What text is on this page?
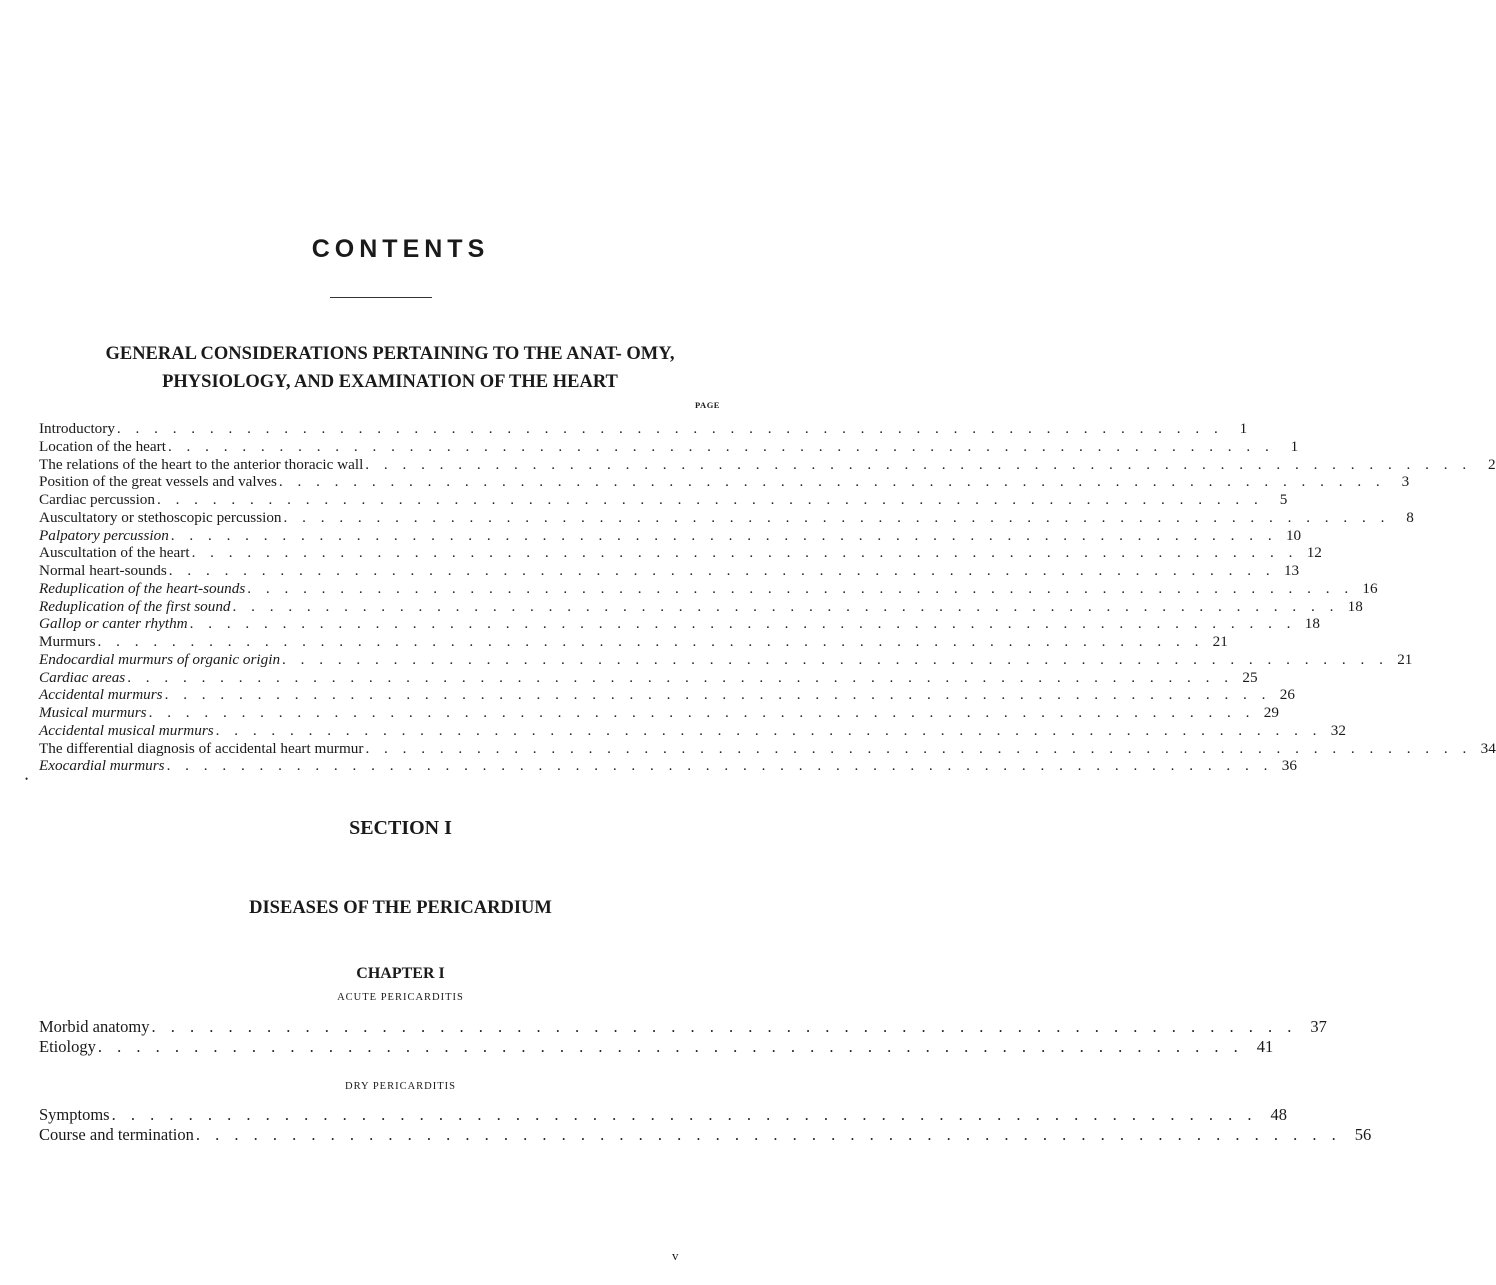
CONTENTS
GENERAL CONSIDERATIONS PERTAINING TO THE ANAT- OMY, PHYSIOLOGY, AND EXAMINATION OF THE HEART
PAGE
Introductory . . . . . . . . . . . . . . . . . . . . . . . . . . . . . . . . . . . . . . . . . . . . . . . . . . . . . . . . . . . .	1
Location of the heart . . . . . . . . . . . . . . . . . . . . . . . . . . . . . . . . . . . . . . . . . . . . . . . . . . . . . . . . . . . .	1
The relations of the heart to the anterior thoracic wall . . . . . . . . . . . . . . . . . . . . . . . . . . . . . . . . . . . . . . . . . . . . . . . . . . . . . . . . . . . .	2
Position of the great vessels and valves . . . . . . . . . . . . . . . . . . . . . . . . . . . . . . . . . . . . . . . . . . . . . . . . . . . . . . . . . . . .	3
Cardiac percussion . . . . . . . . . . . . . . . . . . . . . . . . . . . . . . . . . . . . . . . . . . . . . . . . . . . . . . . . . . . .	5
Auscultatory or stethoscopic percussion . . . . . . . . . . . . . . . . . . . . . . . . . . . . . . . . . . . . . . . . . . . . . . . . . . . . . . . . . . . .	8
Palpatory percussion . . . . . . . . . . . . . . . . . . . . . . . . . . . . . . . . . . . . . . . . . . . . . . . . . . . . . . . . . . . . 10
Auscultation of the heart . . . . . . . . . . . . . . . . . . . . . . . . . . . . . . . . . . . . . . . . . . . . . . . . . . . . . . . . . . . . 12
Normal heart-sounds . . . . . . . . . . . . . . . . . . . . . . . . . . . . . . . . . . . . . . . . . . . . . . . . . . . . . . . . . . . . 13
Reduplication of the heart-sounds . . . . . . . . . . . . . . . . . . . . . . . . . . . . . . . . . . . . . . . . . . . . . . . . . . . . . . . . . . . . 16
Reduplication of the first sound . . . . . . . . . . . . . . . . . . . . . . . . . . . . . . . . . . . . . . . . . . . . . . . . . . . . . . . . . . . . 18
Gallop or canter rhythm . . . . . . . . . . . . . . . . . . . . . . . . . . . . . . . . . . . . . . . . . . . . . . . . . . . . . . . . . . . . 18
Murmurs . . . . . . . . . . . . . . . . . . . . . . . . . . . . . . . . . . . . . . . . . . . . . . . . . . . . . . . . . . . . 21
Endocardial murmurs of organic origin . . . . . . . . . . . . . . . . . . . . . . . . . . . . . . . . . . . . . . . . . . . . . . . . . . . . . . . . . . . . 21
Cardiac areas . . . . . . . . . . . . . . . . . . . . . . . . . . . . . . . . . . . . . . . . . . . . . . . . . . . . . . . . . . . . 25
Accidental murmurs . . . . . . . . . . . . . . . . . . . . . . . . . . . . . . . . . . . . . . . . . . . . . . . . . . . . . . . . . . . . 26
Musical murmurs . . . . . . . . . . . . . . . . . . . . . . . . . . . . . . . . . . . . . . . . . . . . . . . . . . . . . . . . . . . . 29
Accidental musical murmurs . . . . . . . . . . . . . . . . . . . . . . . . . . . . . . . . . . . . . . . . . . . . . . . . . . . . . . . . . . . . 32
The differential diagnosis of accidental heart murmur . . . . . . . . . . . . . . . . . . . . . . . . . . . . . . . . . . . . . . . . . . . . . . . . . . . . . . . . . . . . 34
Exocardial murmurs . . . . . . . . . . . . . . . . . . . . . . . . . . . . . . . . . . . . . . . . . . . . . . . . . . . . . . . . . . . . 36
•
SECTION I
DISEASES OF THE PERICARDIUM
CHAPTER I
ACUTE PERICARDITIS
Morbid anatomy . . . . . . . . . . . . . . . . . . . . . . . . . . . . . . . . . . . . . . . . . . . . . . . . . . . . . . . . . . . . 37
Etiology . . . . . . . . . . . . . . . . . . . . . . . . . . . . . . . . . . . . . . . . . . . . . . . . . . . . . . . . . . . . 41
DRY PERICARDITIS
Symptoms . . . . . . . . . . . . . . . . . . . . . . . . . . . . . . . . . . . . . . . . . . . . . . . . . . . . . . . . . . . . 48
Course and termination . . . . . . . . . . . . . . . . . . . . . . . . . . . . . . . . . . . . . . . . . . . . . . . . . . . . . . . . . . . . 56
v
